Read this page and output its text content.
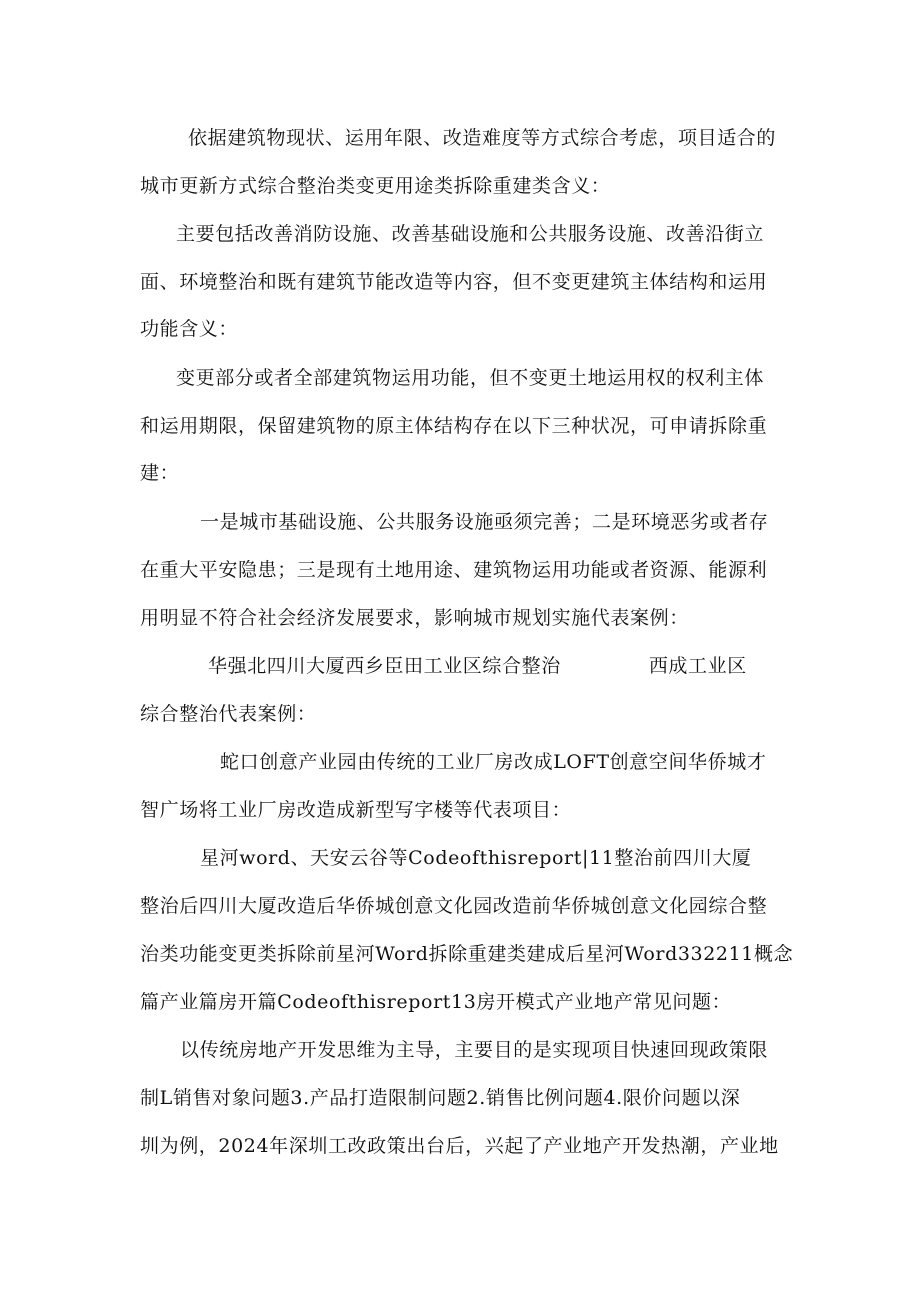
依据建筑物现状、运用年限、改造难度等方式综合考虑，项目适合的
城市更新方式综合整治类变更用途类拆除重建类含义：
主要包括改善消防设施、改善基础设施和公共服务设施、改善沿街立
面、环境整治和既有建筑节能改造等内容，但不变更建筑主体结构和运用
功能含义：
变更部分或者全部建筑物运用功能，但不变更土地运用权的权利主体
和运用期限，保留建筑物的原主体结构存在以下三种状况，可申请拆除重
建：
一是城市基础设施、公共服务设施亟须完善；二是环境恶劣或者存
在重大平安隐患；三是现有土地用途、建筑物运用功能或者资源、能源利
用明显不符合社会经济发展要求，影响城市规划实施代表案例：
华强北四川大厦西乡臣田工业区综合整治	西成工业区
综合整治代表案例：
蛇口创意产业园由传统的工业厂房改成LOFT创意空间华侨城才
智广场将工业厂房改造成新型写字楼等代表项目：
星河word、天安云谷等Codeofthisreport|11整治前四川大厦
整治后四川大厦改造后华侨城创意文化园改造前华侨城创意文化园综合整
治类功能变更类拆除前星河Word拆除重建类建成后星河Word332211概念
篇产业篇房开篇Codeofthisreport13房开模式产业地产常见问题：
以传统房地产开发思维为主导，主要目的是实现项目快速回现政策限
制L销售对象问题3.产品打造限制问题2.销售比例问题4.限价问题以深
圳为例，2024年深圳工改政策出台后，兴起了产业地产开发热潮，产业地
